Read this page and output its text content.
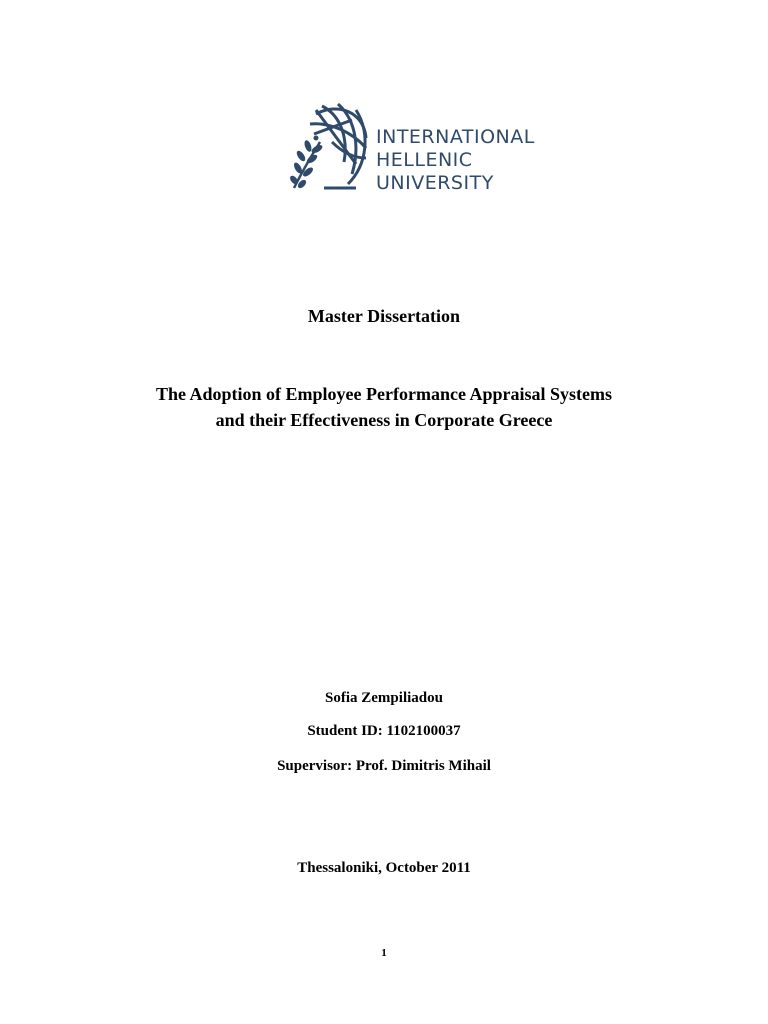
INTERNATIONAL
HELLENIC
UNIVERSITY
Master Dissertation
The Adoption of Employee Performance Appraisal Systems
and their Effectiveness in Corporate Greece
Sofia Zempiliadou
Student ID: 1102100037
Supervisor: Prof. Dimitris Mihail
Thessaloniki, October 2011
1
